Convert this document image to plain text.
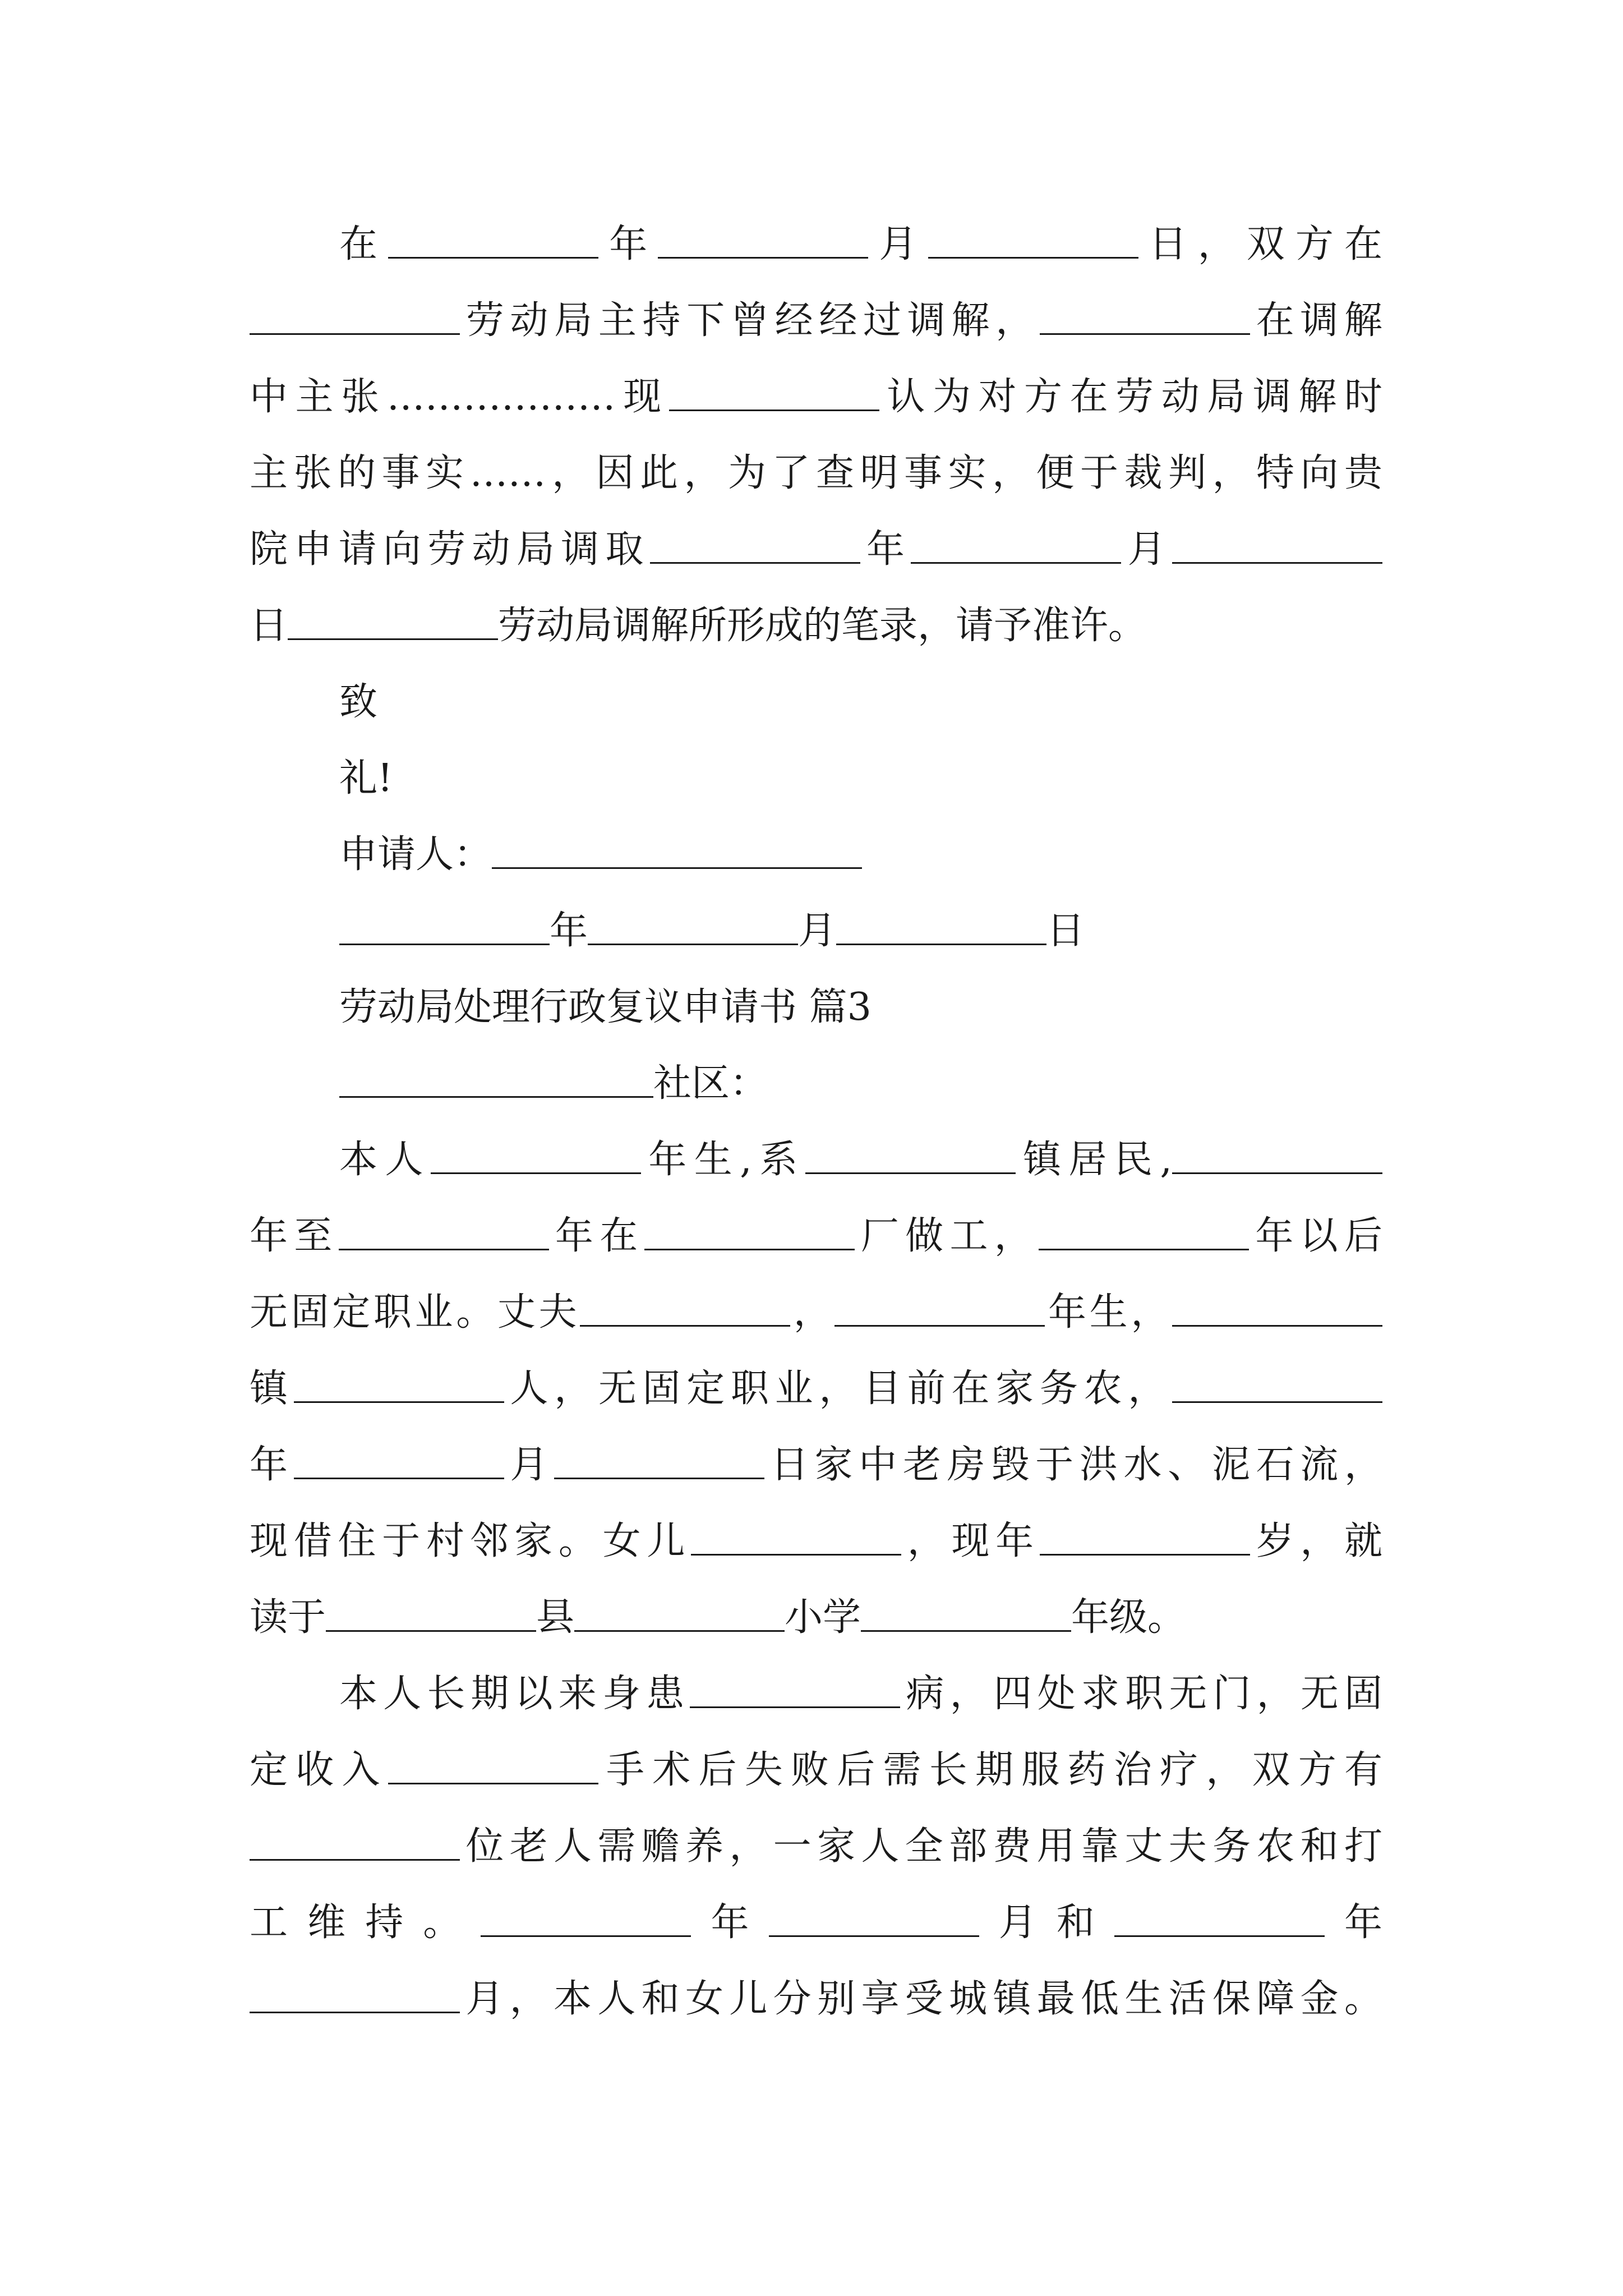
在	年	月	日，双方在
劳动局主持下曾经经过调解，	在调解
中主张………………现	认为对方在劳动局调解时
主张的事实……，因此，为了查明事实，便于裁判，特向贵
院申请向劳动局调取	年	月
日	劳动局调解所形成的笔录，请予准许。
致
礼!
申请人：
年	月	日
劳动局处理行政复议申请书 篇3
社区：
本人	年生,系	镇居民,
年至	年在	厂做工，	年以后
无固定职业。丈夫	，	年生，
镇	人，无固定职业，目前在家务农，
年	月	日家中老房毁于洪水、泥石流，
现借住于村邻家。女儿	，现年	岁，就
读于	县	小学	年级。
本人长期以来身患	病，四处求职无门，无固
定收入	手术后失败后需长期服药治疗，双方有
位老人需赡养，一家人全部费用靠丈夫务农和打
工维持。	年	月和	年
月，本人和女儿分别享受城镇最低生活保障金。
